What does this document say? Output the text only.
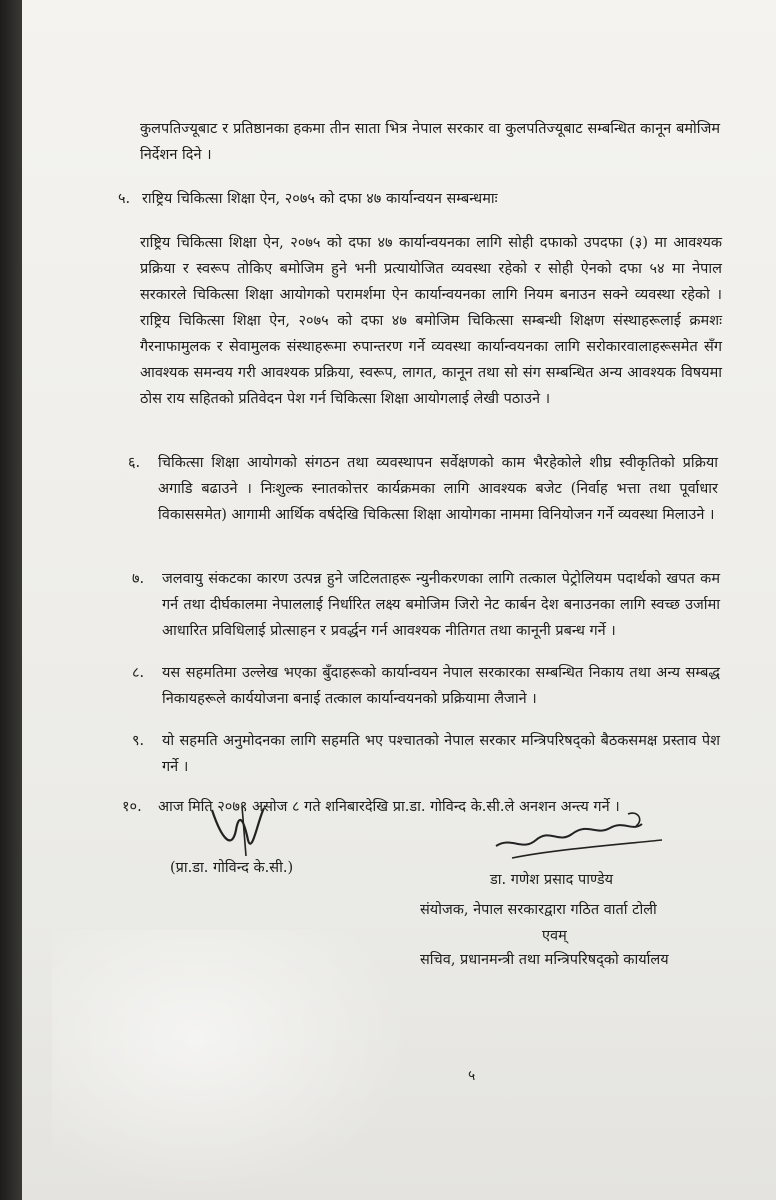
कुलपतिज्यूबाट र प्रतिष्ठानका हकमा तीन साता भित्र नेपाल सरकार वा कुलपतिज्यूबाट सम्बन्धित कानून बमोजिम निर्देशन दिने ।

५. राष्ट्रिय चिकित्सा शिक्षा ऐन, २०७५ को दफा ४७ कार्यान्वयन सम्बन्धमाः

राष्ट्रिय चिकित्सा शिक्षा ऐन, २०७५ को दफा ४७ कार्यान्वयनका लागि सोही दफाको उपदफा (३) मा आवश्यक प्रक्रिया र स्वरूप तोकिए बमोजिम हुने भनी प्रत्यायोजित व्यवस्था रहेको र सोही ऐनको दफा ५४ मा नेपाल सरकारले चिकित्सा शिक्षा आयोगको परामर्शमा ऐन कार्यान्वयनका लागि नियम बनाउन सक्ने व्यवस्था रहेको । राष्ट्रिय चिकित्सा शिक्षा ऐन, २०७५ को दफा ४७ बमोजिम चिकित्सा सम्बन्धी शिक्षण संस्थाहरूलाई क्रमशः गैरनाफामुलक र सेवामुलक संस्थाहरूमा रुपान्तरण गर्ने व्यवस्था कार्यान्वयनका लागि सरोकारवालाहरूसमेत सँग आवश्यक समन्वय गरी आवश्यक प्रक्रिया, स्वरूप, लागत, कानून तथा सो संग सम्बन्धित अन्य आवश्यक विषयमा ठोस राय सहितको प्रतिवेदन पेश गर्न चिकित्सा शिक्षा आयोगलाई लेखी पठाउने ।

६. चिकित्सा शिक्षा आयोगको संगठन तथा व्यवस्थापन सर्वेक्षणको काम भैरहेकोले शीघ्र स्वीकृतिको प्रक्रिया अगाडि बढाउने । निःशुल्क स्नातकोत्तर कार्यक्रमका लागि आवश्यक बजेट (निर्वाह भत्ता तथा पूर्वाधार विकाससमेत) आगामी आर्थिक वर्षदेखि चिकित्सा शिक्षा आयोगका नाममा विनियोजन गर्ने व्यवस्था मिलाउने ।

७. जलवायु संकटका कारण उत्पन्न हुने जटिलताहरू न्युनीकरणका लागि तत्काल पेट्रोलियम पदार्थको खपत कम गर्न तथा दीर्घकालमा नेपाललाई निर्धारित लक्ष्य बमोजिम जिरो नेट कार्बन देश बनाउनका लागि स्वच्छ उर्जामा आधारित प्रविधिलाई प्रोत्साहन र प्रवर्द्धन गर्न आवश्यक नीतिगत तथा कानूनी प्रबन्ध गर्ने ।

८. यस सहमतिमा उल्लेख भएका बुँदाहरूको कार्यान्वयन नेपाल सरकारका सम्बन्धित निकाय तथा अन्य सम्बद्ध निकायहरूले कार्ययोजना बनाई तत्काल कार्यान्वयनको प्रक्रियामा लैजाने ।

९. यो सहमति अनुमोदनका लागि सहमति भए पश्चातको नेपाल सरकार मन्त्रिपरिषद्को बैठकसमक्ष प्रस्ताव पेश गर्ने ।

१०. आज मिति २०७९ असोज ८ गते शनिबारदेखि प्रा.डा. गोविन्द के.सी.ले अनशन अन्त्य गर्ने ।

(प्रा.डा. गोविन्द के.सी.)
डा. गणेश प्रसाद पाण्डेय
संयोजक, नेपाल सरकारद्वारा गठित वार्ता टोली
एवम्
सचिव, प्रधानमन्त्री तथा मन्त्रिपरिषद्को कार्यालय
५
